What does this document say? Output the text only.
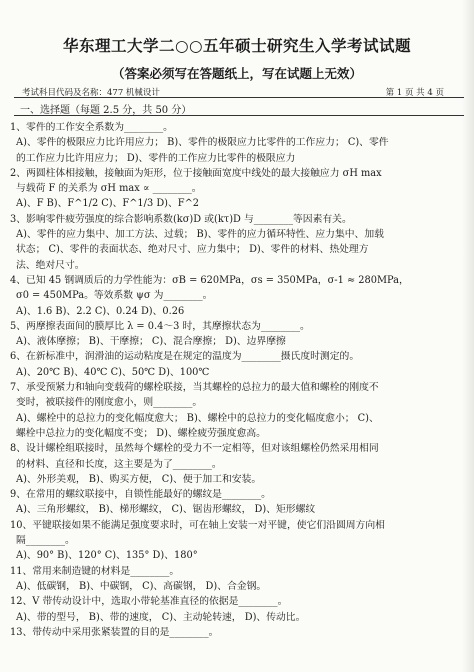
华东理工大学二○○五年硕士研究生入学考试试题
（答案必须写在答题纸上，写在试题上无效）
考试科目代码及名称：477 机械设计	第 1 页 共 4 页
一、选择题（每题 2.5 分，共 50 分）
1、零件的工作安全系数为________。
A)、零件的极限应力比许用应力； B)、零件的极限应力比零件的工作应力； C)、零件
的工作应力比许用应力； D)、零件的工作应力比零件的极限应力
2、两圆柱体相接触，接触面为矩形，位于接触面宽度中线处的最大接触应力 σH max
与载荷 F 的关系为 σH max ∝ ________。
A)、F B)、F^1/2 C)、F^1/3 D)、F^2
3、影响零件疲劳强度的综合影响系数(kσ)D 或(kτ)D 与________等因素有关。
A)、零件的应力集中、加工方法、过载； B)、零件的应力循环特性、应力集中、加载
状态； C)、零件的表面状态、绝对尺寸、应力集中； D)、零件的材料、热处理方
法、绝对尺寸。
4、已知 45 钢调质后的力学性能为：σB = 620MPa，σs = 350MPa，σ-1 ≈ 280MPa，
σ0 = 450MPa。等效系数 ψσ 为________。
A)、1.6 B)、2.2 C)、0.24 D)、0.26
5、两摩擦表面间的膜厚比 λ = 0.4～3 时，其摩擦状态为________。
A)、液体摩擦； B)、干摩擦； C)、混合摩擦； D)、边界摩擦
6、在新标准中，润滑油的运动粘度是在规定的温度为________摄氏度时测定的。
A)、20℃ B)、40℃ C)、50℃ D)、100℃
7、承受预紧力和轴向变载荷的螺栓联接，当其螺栓的总拉力的最大值和螺栓的刚度不
变时，被联接件的刚度愈小，则________。
A)、螺栓中的总拉力的变化幅度愈大； B)、螺栓中的总拉力的变化幅度愈小； C)、
螺栓中总拉力的变化幅度不变； D)、螺栓疲劳强度愈高。
8、设计螺栓组联接时，虽然每个螺栓的受力不一定相等，但对该组螺栓仍然采用相同
的材料、直径和长度，这主要是为了________。
A)、外形美观， B)、购买方便， C)、便于加工和安装。
9、在常用的螺纹联接中，自锁性能最好的螺纹是________。
A)、三角形螺纹， B)、梯形螺纹， C)、锯齿形螺纹， D)、矩形螺纹
10、平键联接如果不能满足强度要求时，可在轴上安装一对平键，使它们沿圆周方向相
隔________。
A)、90° B)、120° C)、135° D)、180°
11、常用来制造键的材料是________。
A)、低碳钢， B)、中碳钢， C)、高碳钢， D)、合金钢。
12、V 带传动设计中，选取小带轮基准直径的依据是________。
A)、带的型号， B)、带的速度， C)、主动轮转速， D)、传动比。
13、带传动中采用张紧装置的目的是________。
